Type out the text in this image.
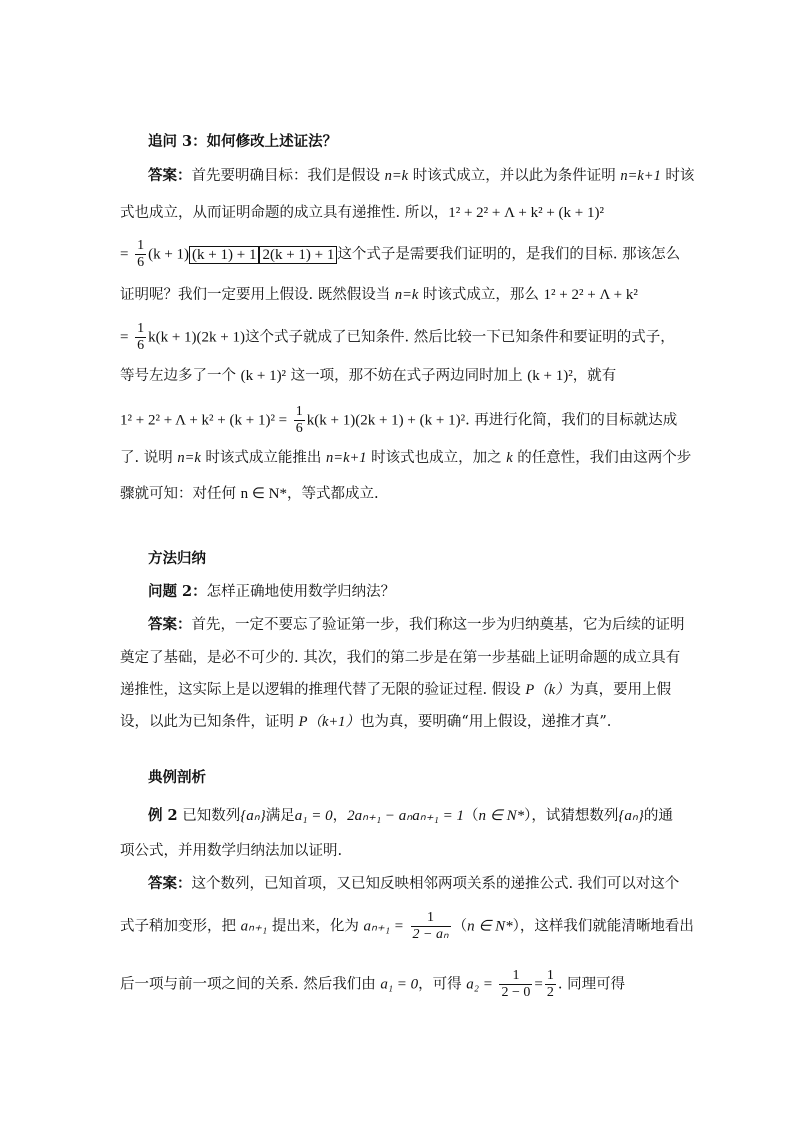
追问 3：如何修改上述证法？
答案：首先要明确目标：我们是假设 n=k 时该式成立，并以此为条件证明 n=k+1 时该
式也成立，从而证明命题的成立具有递推性. 所以，1² + 2² + Λ + k² + (k + 1)²
= $\frac{1}{6} (k + 1) (k + 1) + 1$ 2(k + 1) + 1 这个式子是需要我们证明的，是我们的目标. 那该怎么
证明呢？我们一定要用上假设. 既然假设当 n=k 时该式成立，那么 1² + 2² + Λ + k²
= $\frac{1}{6} k(k + 1)(2k + 1)$这个式子就成了已知条件. 然后比较一下已知条件和要证明的式子，
等号左边多了一个 (k + 1)² 这一项，那不妨在式子两边同时加上 (k + 1)²，就有
$1^2 + 2^2 + \Lambda + k^2 + (k + 1)^2 = \frac{1}{6} k(k + 1)(2k + 1) + (k + 1)^2$. 再进行化简，我们的目标就达成
了. 说明 n=k 时该式成立能推出 n=k+1 时该式也成立，加之 k 的任意性，我们由这两个步
骤就可知：对任何 n ∈ N*，等式都成立.
方法归纳
问题 2：怎样正确地使用数学归纳法？
答案：首先，一定不要忘了验证第一步，我们称这一步为归纳奠基，它为后续的证明
奠定了基础，是必不可少的. 其次，我们的第二步是在第一步基础上证明命题的成立具有
递推性，这实际上是以逻辑的推理代替了无限的验证过程. 假设 P（k）为真，要用上假
设，以此为已知条件，证明 P（k+1）也为真，要明确“用上假设，递推才真”.
典例剖析
例 2 已知数列{aₙ}满足a₁ = 0，2aₙ₊₁ − aₙaₙ₊₁ = 1（n ∈ N*），试猜想数列{aₙ}的通
项公式，并用数学归纳法加以证明.
答案：这个数列，已知首项，又已知反映相邻两项关系的递推公式. 我们可以对这个
式子稍加变形，把 aₙ₊₁ 提出来，化为 $a_{n+1} = \frac{1}{\text{2 − aₙ}} (n$ ∈ N*），这样我们就能清晰地看出
后一项与前一项之间的关系. 然后我们由 a₁ = 0，可得 $a_2 = \frac{1}{2 - 0} = \frac{1}{2}$ . 同理可得
